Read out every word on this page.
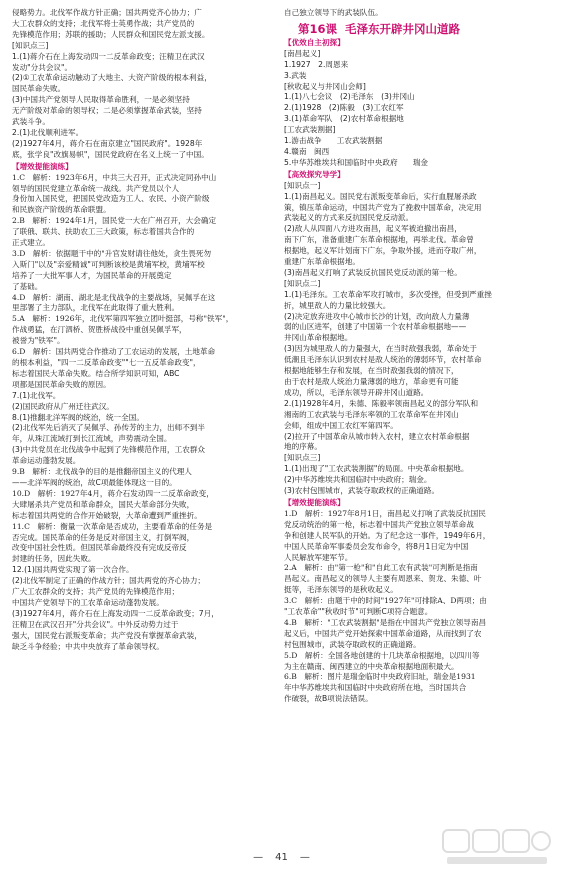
侵略势力。北伐军作战方针正确；国共两党齐心协力；广
大工农群众的支持；北伐军将士英勇作战；共产党员的
先锋模范作用；苏联的援助；人民群众和国民党左派支援。
[知识点三]
1.(1)蒋介石在上海发动四一二反革命政变；汪精卫在武汉
发动"分共会议"。
(2)①工农革命运动触动了大地主、大资产阶级的根本利益，
国民革命失败。
(3)中国共产党领导人民取得革命胜利，一是必须坚持
无产阶级对革命的领导权；二是必须掌握革命武装，坚持
武装斗争。
2.(1)北伐顺利进军。
(2)1927年4月，蒋介石在南京建立"国民政府"。1928年
底，张学良"改旗易帜"，国民党政府在名义上统一了中国。
【增效提能演练】
1.C　解析：1923年6月，中共三大召开，正式决定同孙中山
领导的国民党建立革命统一战线。共产党员以个人
身份加入国民党，把国民党改造为工人、农民、小资产阶级
和民族资产阶级的革命联盟。
2.B　解析：1924年1月，国民党一大在广州召开，大会确定
了联俄、联共、扶助农工三大政策，标志着国共合作的
正式建立。
3.D　解析：依据题干中的"升官发财请往他处，贪生畏死勿
入斯门"以及"亲爱精诚"可判断该校是黄埔军校，黄埔军校
培养了一大批军事人才，为国民革命的开展奠定
了基础。
4.D　解析：湖南、湖北是北伐战争的主要战场，吴佩孚在这
里部署了主力部队，北伐军在此取得了重大胜利。
5.A　解析：1926年，北伐军第四军独立团叶挺部，号称"铁军"，
作战勇猛，在汀泗桥、贺胜桥战役中重创吴佩孚军，
被誉为"铁军"。
6.D　解析：国共两党合作推动了工农运动的发展，土地革命
的根本利益，"四一二反革命政变""七一五反革命政变"，
标志着国民大革命失败。结合所学知识可知，ABC
项都是国民革命失败的原因。
7.(1)北伐军。
(2)国民政府从广州迁往武汉。
8.(1)推翻北洋军阀的统治，统一全国。
(2)北伐军先后消灭了吴佩孚、孙传芳的主力，出师不到半
年，从珠江流域打到长江流域，声势震动全国。
(3)中共党员在北伐战争中起到了先锋模范作用，工农群众
革命运动蓬勃发展。
9.B　解析：北伐战争的目的是推翻帝国主义的代理人
——北洋军阀的统治，故C项最能体现这一目的。
10.D　解析：1927年4月，蒋介石发动四一二反革命政变，
大肆屠杀共产党员和革命群众，国民大革命部分失败，
标志着国共两党的合作开始破裂，大革命遭到严重挫折。
11.C　解析：衡量一次革命是否成功，主要看革命的任务是
否完成。国民革命的任务是反对帝国主义，打倒军阀，
改变中国社会性质。但国民革命最终没有完成反帝反
封建的任务，因此失败。
12.(1)国共两党实现了第一次合作。
(2)北伐军制定了正确的作战方针；国共两党的齐心协力；
广大工农群众的支持；共产党员的先锋模范作用；
中国共产党领导下的工农革命运动蓬勃发展。
(3)1927年4月，蒋介石在上海发动四一二反革命政变；7月，
汪精卫在武汉召开"分共会议"。中外反动势力过于
强大，国民党右派叛变革命；共产党没有掌握革命武装，
缺乏斗争经验；中共中央放弃了革命领导权。
自己独立领导下的武装队伍。
第16课 毛泽东开辟井冈山道路
【优效自主初探】
[南昌起义]
1.1927　2.周恩来
3.武装
[秋收起义与井冈山会师]
1.(1)八七会议　(2)毛泽东　(3)井冈山
2.(1)1928　(2)陈毅　(3)工农红军
3.(1)革命军队　(2)农村革命根据地
[工农武装割据]
1.游击战争　　工农武装割据
4.赣南　闽西
5.中华苏维埃共和国临时中央政府　　瑞金
【高效探究导学】
[知识点一]
1.(1)南昌起义。国民党右派叛变革命后，实行血腥屠杀政
策，镇压革命运动，中国共产党为了挽救中国革命，决定用
武装起义的方式来反抗国民党反动派。
(2)敌人从四面八方进攻南昌，起义军被迫撤出南昌，
南下广东，准备重建广东革命根据地，再举北伐。革命曾
根据地，起义军计划南下广东，争取外援，进而夺取广州，
重建广东革命根据地。
(3)南昌起义打响了武装反抗国民党反动派的第一枪。
[知识点二]
1.(1)毛泽东。工农革命军攻打城市，多次受挫，但受到严重挫
折，城里敌人的力量比较强大。
(2)决定放弃进攻中心城市长沙的计划，改向敌人力量薄
弱的山区进军，创建了中国第一个农村革命根据地——
井冈山革命根据地。
(3)因为城里敌人的力量强大，在当时敌强我弱，革命处于
低潮且毛泽东认识到农村是敌人统治的薄弱环节，农村革命
根据地能够生存和发展，在当时敌强我弱的情况下，
由于农村是敌人统治力量薄弱的地方，革命更有可能
成功，所以，毛泽东领导开辟井冈山道路。
2.(1)1928年4月，朱德、陈毅率领南昌起义的部分军队和
湘南的工农武装与毛泽东率领的工农革命军在井冈山
会师，组成中国工农红军第四军。
(2)拉开了中国革命从城市转入农村，建立农村革命根据
地的序幕。
[知识点三]
1.(1)出现了"工农武装割据"的局面。中央革命根据地。
(2)中华苏维埃共和国临时中央政府；瑞金。
(3)农村包围城市，武装夺取政权的正确道路。
【增效提能演练】
1.D　解析：1927年8月1日，南昌起义打响了武装反抗国民
党反动统治的第一枪，标志着中国共产党独立领导革命战
争和创建人民军队的开始。为了纪念这一事件，1949年6月，
中国人民革命军事委员会发布命令，将8月1日定为中国
人民解放军建军节。
2.A　解析：由"第一枪"和"自此工农有武装"可判断是指南
昌起义。南昌起义的领导人主要有周恩来、贺龙、朱德、叶
挺等，毛泽东领导的是秋收起义。
3.C　解析：由题干中的时间"1927年"可排除A、D两项；由
"工农革命""秋收时节"可判断C项符合题意。
4.B　解析："工农武装割据"是指在中国共产党独立领导南昌
起义后，中国共产党开始探索中国革命道路，从而找到了农
村包围城市，武装夺取政权的正确道路。
5.D　解析：全国各地创建的十几块革命根据地，以四川等
为主在赣南、闽西建立的中央革命根据地面积最大。
6.B　解析：图片是瑞金临时中央政府旧址，瑞金是1931
年中华苏维埃共和国临时中央政府所在地，当时国共合
作破裂，故B项说法错误。
— 41 —
